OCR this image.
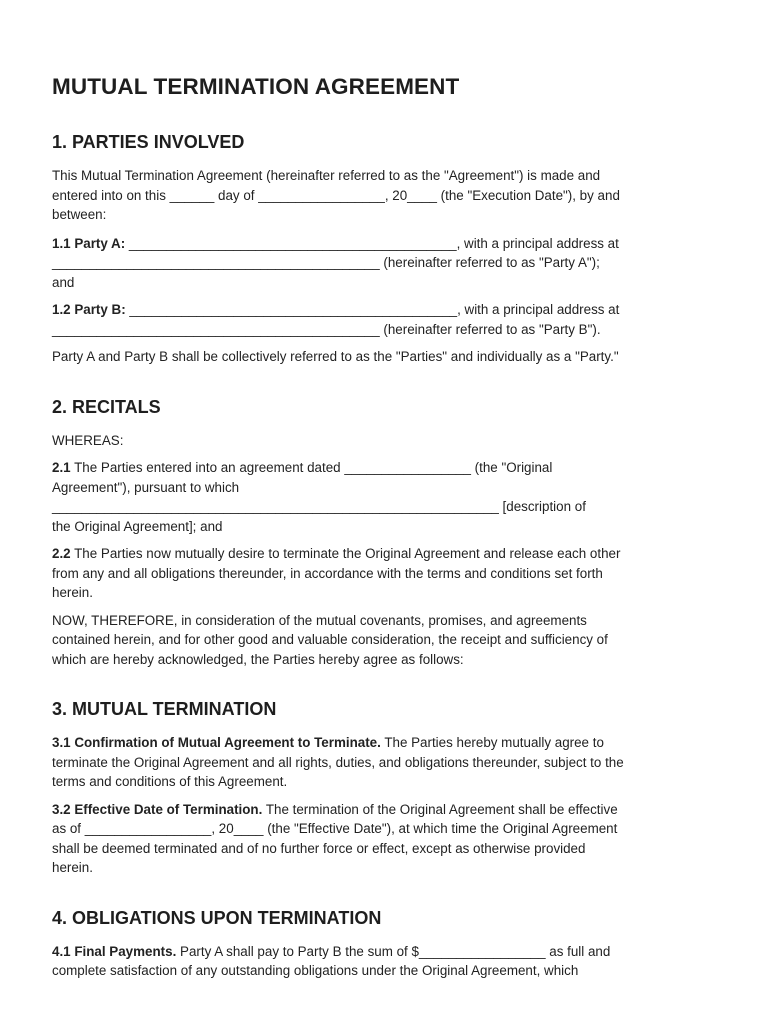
MUTUAL TERMINATION AGREEMENT
1. PARTIES INVOLVED

This Mutual Termination Agreement (hereinafter referred to as the "Agreement") is made and
entered into on this ______ day of _________________, 20____ (the "Execution Date"), by and
between:

1.1 Party A: ____________________________________________, with a principal address at
____________________________________________ (hereinafter referred to as "Party A");
and

1.2 Party B: ____________________________________________, with a principal address at
____________________________________________ (hereinafter referred to as "Party B").

Party A and Party B shall be collectively referred to as the "Parties" and individually as a "Party."

2. RECITALS

WHEREAS:

2.1 The Parties entered into an agreement dated _________________ (the "Original
Agreement"), pursuant to which
____________________________________________________________ [description of
the Original Agreement]; and

2.2 The Parties now mutually desire to terminate the Original Agreement and release each other
from any and all obligations thereunder, in accordance with the terms and conditions set forth
herein.

NOW, THEREFORE, in consideration of the mutual covenants, promises, and agreements
contained herein, and for other good and valuable consideration, the receipt and sufficiency of
which are hereby acknowledged, the Parties hereby agree as follows:

3. MUTUAL TERMINATION

3.1 Confirmation of Mutual Agreement to Terminate. The Parties hereby mutually agree to
terminate the Original Agreement and all rights, duties, and obligations thereunder, subject to the
terms and conditions of this Agreement.

3.2 Effective Date of Termination. The termination of the Original Agreement shall be effective
as of _________________, 20____ (the "Effective Date"), at which time the Original Agreement
shall be deemed terminated and of no further force or effect, except as otherwise provided
herein.

4. OBLIGATIONS UPON TERMINATION

4.1 Final Payments. Party A shall pay to Party B the sum of $_________________ as full and
complete satisfaction of any outstanding obligations under the Original Agreement, which
